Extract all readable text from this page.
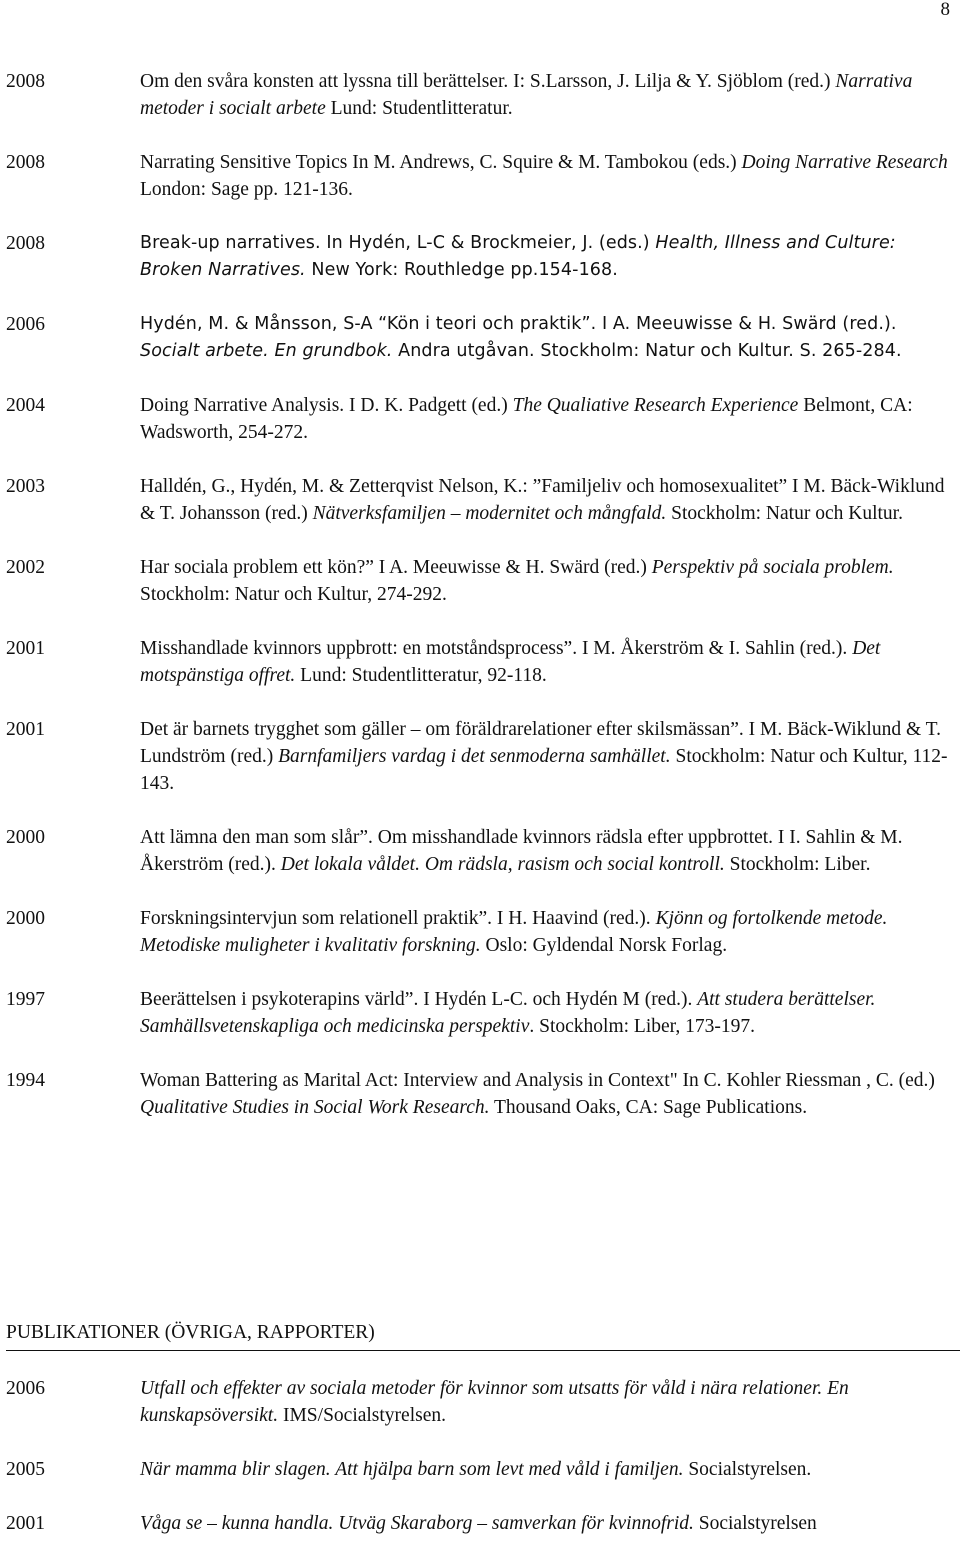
8
2008	Om den svåra konsten att lyssna till berättelser. I: S.Larsson, J. Lilja & Y. Sjöblom (red.) Narrativa metoder i socialt arbete Lund: Studentlitteratur.
2008	Narrating Sensitive Topics In M. Andrews, C. Squire & M. Tambokou (eds.) Doing Narrative Research London: Sage pp. 121-136.
2008	Break-up narratives. In Hydén, L-C & Brockmeier, J. (eds.) Health, Illness and Culture: Broken Narratives. New York: Routhledge pp.154-168.
2006	Hydén, M. & Månsson, S-A “Kön i teori och praktik”. I A. Meeuwisse & H. Swärd (red.). Socialt arbete. En grundbok. Andra utgåvan. Stockholm: Natur och Kultur. S. 265-284.
2004	Doing Narrative Analysis. I D. K. Padgett (ed.) The Qualiative Research Experience Belmont, CA: Wadsworth, 254-272.
2003	Halldén, G., Hydén, M. & Zetterqvist Nelson, K.: ”Familjeliv och homosexualitet” I M. Bäck-Wiklund & T. Johansson (red.) Nätverksfamiljen – modernitet och mångfald. Stockholm: Natur och Kultur.
2002	Har sociala problem ett kön?” I A. Meeuwisse & H. Swärd (red.) Perspektiv på sociala problem. Stockholm: Natur och Kultur, 274-292.
2001	Misshandlade kvinnors uppbrott: en motståndsprocess”. I M. Åkerström & I. Sahlin (red.). Det motspänstiga offret. Lund: Studentlitteratur, 92-118.
2001	Det är barnets trygghet som gäller – om föräldrarelationer efter skilsmässan”. I M. Bäck-Wiklund & T. Lundström (red.) Barnfamiljers vardag i det senmoderna samhället. Stockholm: Natur och Kultur, 112-143.
2000	Att lämna den man som slår”. Om misshandlade kvinnors rädsla efter uppbrottet. I I. Sahlin & M. Åkerström (red.). Det lokala våldet. Om rädsla, rasism och social kontroll. Stockholm: Liber.
2000	Forskningsintervjun som relationell praktik”. I H. Haavind (red.). Kjönn og fortolkende metode. Metodiske muligheter i kvalitativ forskning. Oslo: Gyldendal Norsk Forlag.
1997	Beerättelsen i psykoterapins värld”. I Hydén L-C. och Hydén M (red.). Att studera berättelser. Samhällsvetenskapliga och medicinska perspektiv. Stockholm: Liber, 173-197.
1994	Woman Battering as Marital Act: Interview and Analysis in Context" In C. Kohler Riessman , C. (ed.) Qualitative Studies in Social Work Research. Thousand Oaks, CA: Sage Publications.
PUBLIKATIONER (ÖVRIGA, RAPPORTER)
2006	Utfall och effekter av sociala metoder för kvinnor som utsatts för våld i nära relationer. En kunskapsöversikt. IMS/Socialstyrelsen.
2005	När mamma blir slagen. Att hjälpa barn som levt med våld i familjen. Socialstyrelsen.
2001	Våga se – kunna handla. Utväg Skaraborg – samverkan för kvinnofrid. Socialstyrelsen
